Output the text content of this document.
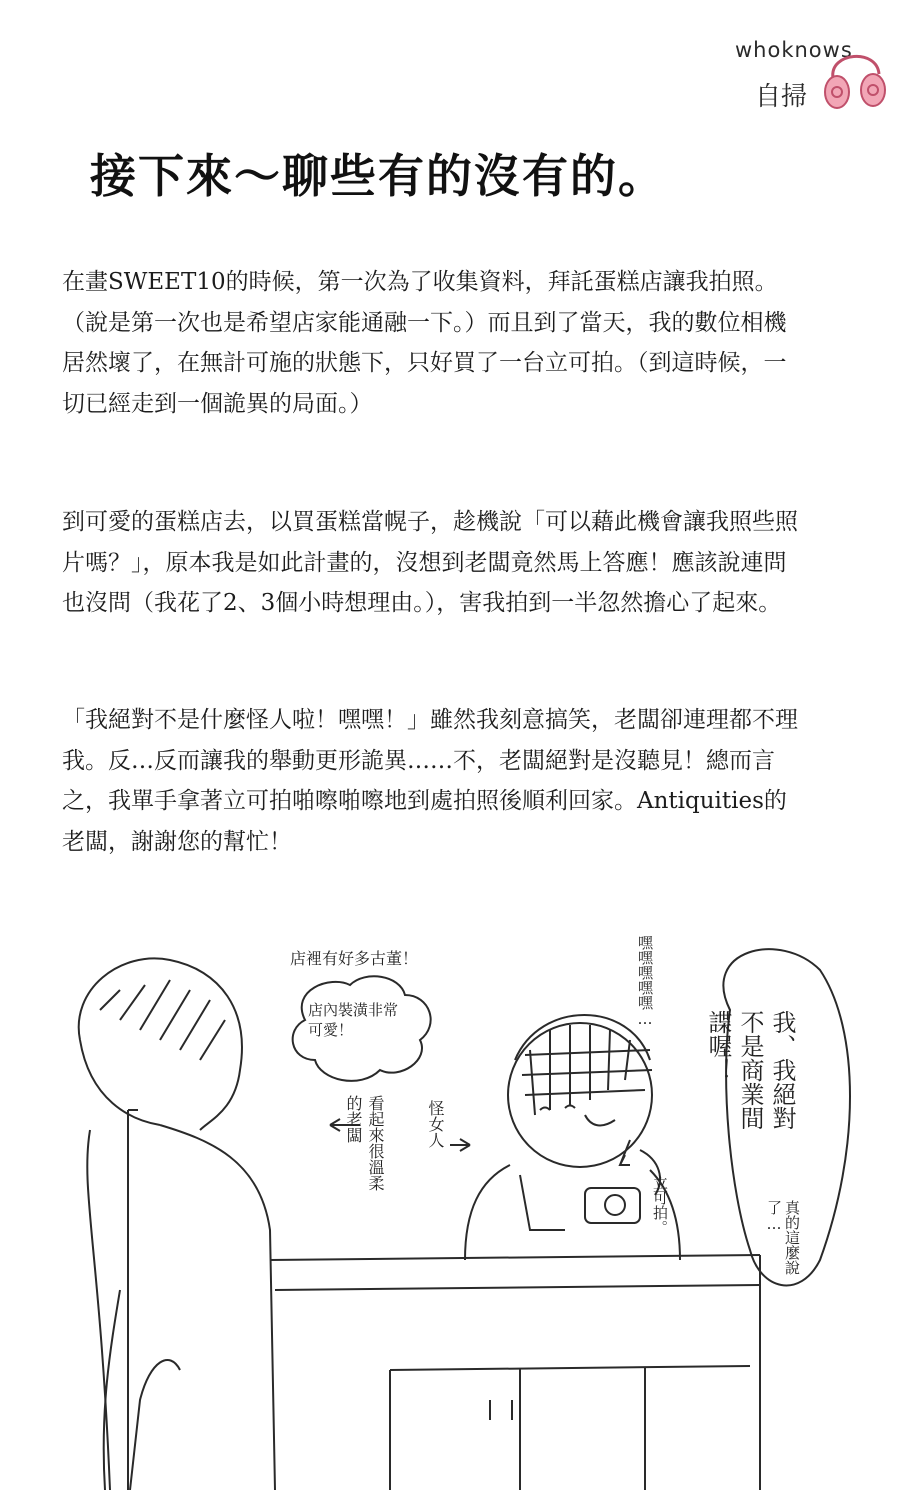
whoknows
自掃
接下來～聊些有的沒有的。

在畫SWEET10的時候，第一次為了收集資料，拜託蛋糕店讓我拍照。（說是第一次也是希望店家能通融一下。）而且到了當天，我的數位相機居然壞了，在無計可施的狀態下，只好買了一台立可拍。（到這時候，一切已經走到一個詭異的局面。）

到可愛的蛋糕店去，以買蛋糕當幌子，趁機說「可以藉此機會讓我照些照片嗎？」，原本我是如此計畫的，沒想到老闆竟然馬上答應！應該說連問也沒問（我花了2、3個小時想理由。），害我拍到一半忽然擔心了起來。

「我絕對不是什麼怪人啦！嘿嘿！」雖然我刻意搞笑，老闆卻連理都不理我。反…反而讓我的舉動更形詭異……不，老闆絕對是沒聽見！總而言之，我單手拿著立可拍啪嚓啪嚓地到處拍照後順利回家。Antiquities的老闆，謝謝您的幫忙！

店裡有好多古董！
店內裝潢非常可愛！
看起來很溫柔的老闆	怪女人
嘿嘿嘿嘿嘿…
我、我絕對
不是商業間
諜喔！
立可拍。	真的這麼說了…
